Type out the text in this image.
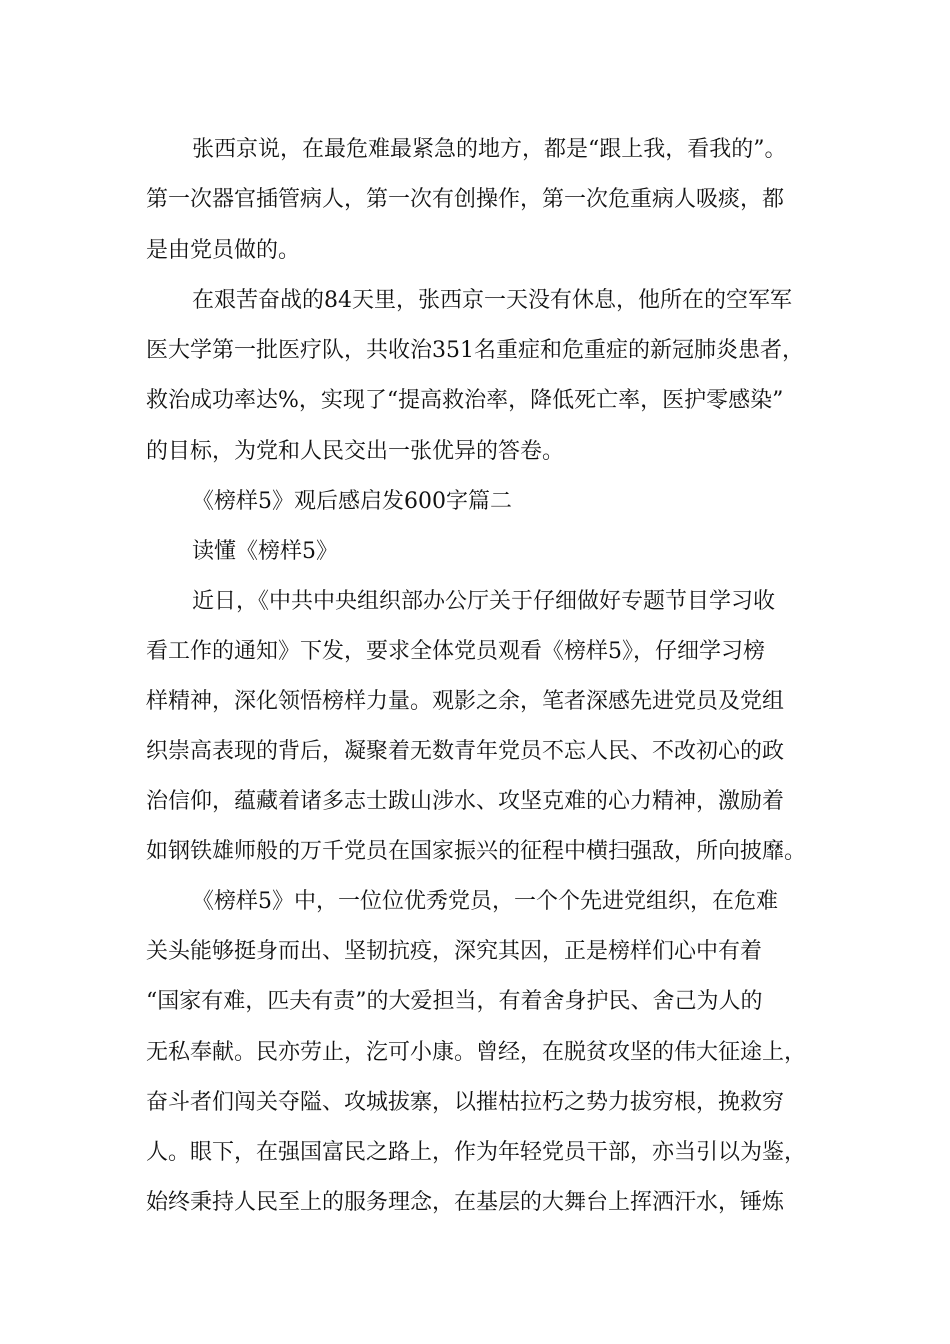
张西京说，在最危难最紧急的地方，都是“跟上我，看我的”。
第一次器官插管病人，第一次有创操作，第一次危重病人吸痰，都
是由党员做的。
在艰苦奋战的84天里，张西京一天没有休息，他所在的空军军
医大学第一批医疗队，共收治351名重症和危重症的新冠肺炎患者，
救治成功率达%，实现了“提高救治率，降低死亡率，医护零感染”
的目标，为党和人民交出一张优异的答卷。
《榜样5》观后感启发600字篇二
读懂《榜样5》
近日，《中共中央组织部办公厅关于仔细做好专题节目学习收
看工作的通知》下发，要求全体党员观看《榜样5》，仔细学习榜
样精神，深化领悟榜样力量。观影之余，笔者深感先进党员及党组
织崇高表现的背后，凝聚着无数青年党员不忘人民、不改初心的政
治信仰，蕴藏着诸多志士跋山涉水、攻坚克难的心力精神，激励着
如钢铁雄师般的万千党员在国家振兴的征程中横扫强敌，所向披靡。
《榜样5》中，一位位优秀党员，一个个先进党组织，在危难
关头能够挺身而出、坚韧抗疫，深究其因，正是榜样们心中有着
“国家有难，匹夫有责”的大爱担当，有着舍身护民、舍己为人的
无私奉献。民亦劳止，汔可小康。曾经，在脱贫攻坚的伟大征途上，
奋斗者们闯关夺隘、攻城拔寨，以摧枯拉朽之势力拔穷根，挽救穷
人。眼下，在强国富民之路上，作为年轻党员干部，亦当引以为鉴，
始终秉持人民至上的服务理念，在基层的大舞台上挥洒汗水，锤炼
